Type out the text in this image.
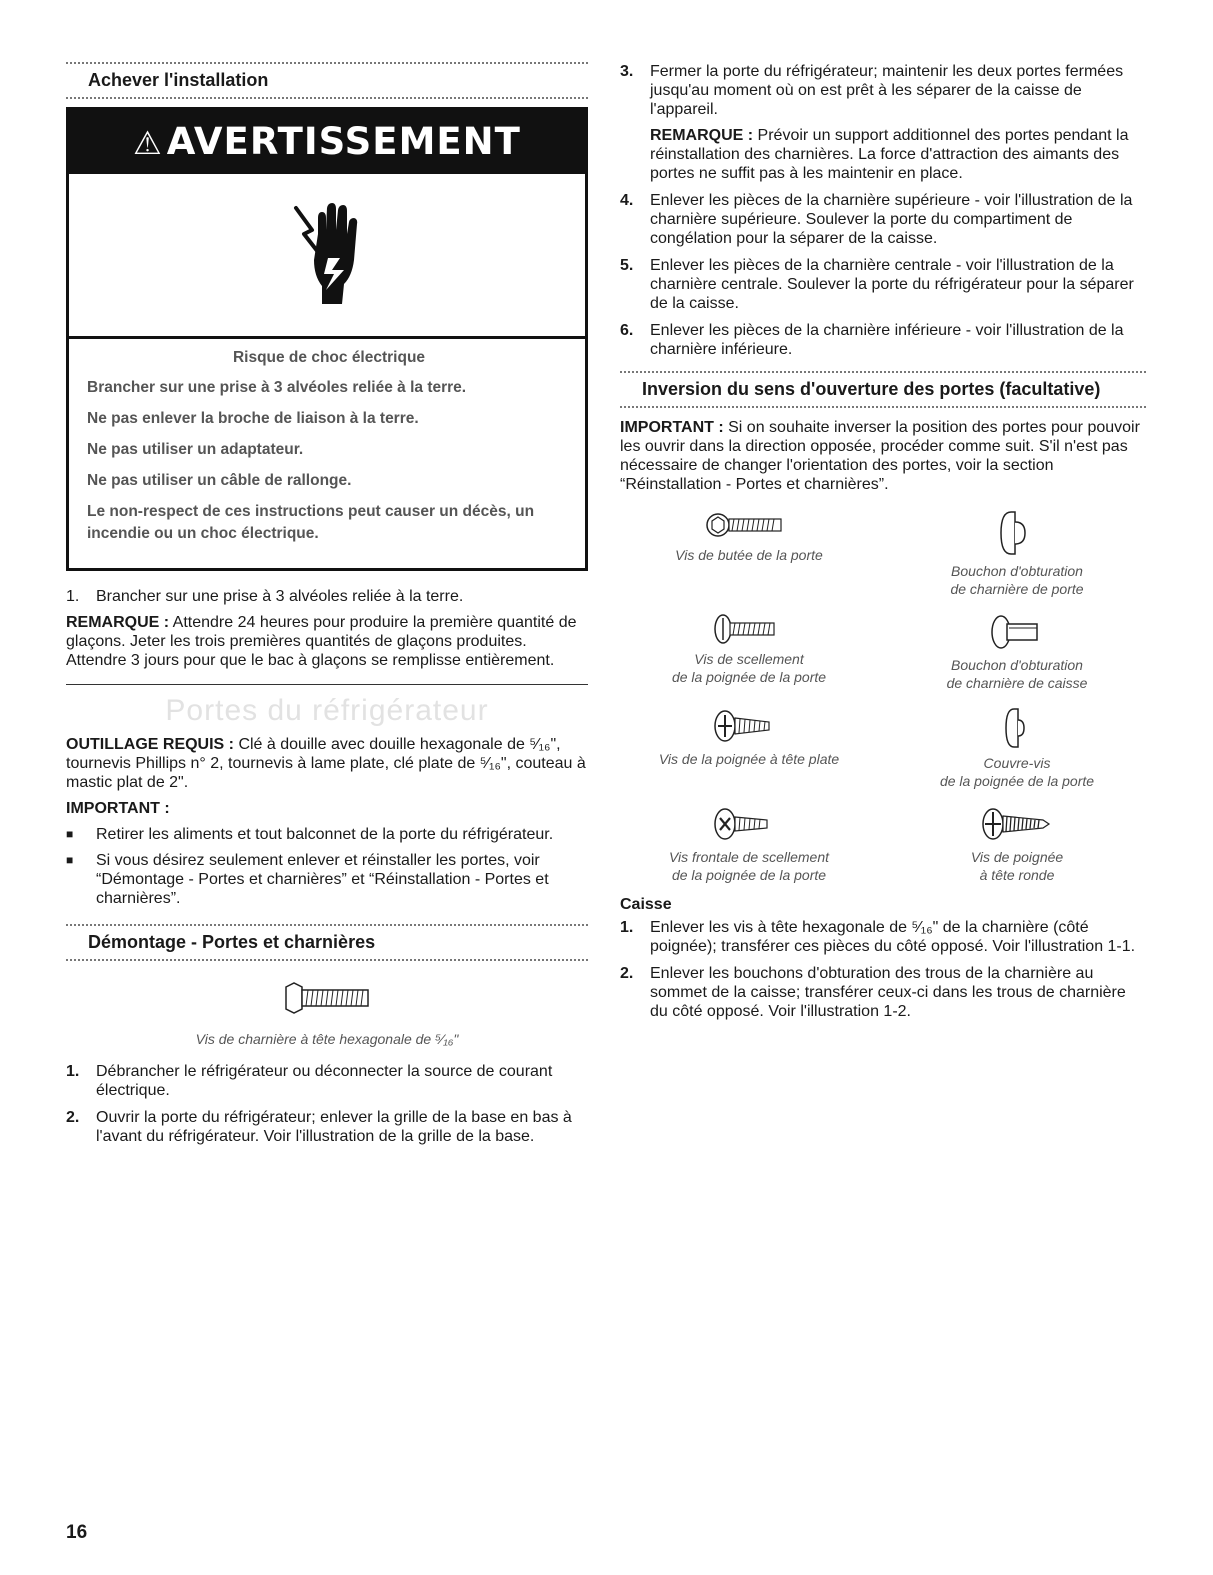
Achever l'installation
⚠ AVERTISSEMENT
Risque de choc électrique
Brancher sur une prise à 3 alvéoles reliée à la terre.
Ne pas enlever la broche de liaison à la terre.
Ne pas utiliser un adaptateur.
Ne pas utiliser un câble de rallonge.
Le non-respect de ces instructions peut causer un décès, un incendie ou un choc électrique.
1.	Brancher sur une prise à 3 alvéoles reliée à la terre.
REMARQUE : Attendre 24 heures pour produire la première quantité de glaçons. Jeter les trois premières quantités de glaçons produites. Attendre 3 jours pour que le bac à glaçons se remplisse entièrement.
Portes du réfrigérateur
OUTILLAGE REQUIS : Clé à douille avec douille hexagonale de ⁵⁄₁₆", tournevis Phillips n° 2, tournevis à lame plate, clé plate de ⁵⁄₁₆", couteau à mastic plat de 2".
IMPORTANT :
■	Retirer les aliments et tout balconnet de la porte du réfrigérateur.
■	Si vous désirez seulement enlever et réinstaller les portes, voir “Démontage - Portes et charnières” et “Réinstallation - Portes et charnières”.
Démontage - Portes et charnières
Vis de charnière à tête hexagonale de ⁵⁄₁₆"
1.	Débrancher le réfrigérateur ou déconnecter la source de courant électrique.
2.	Ouvrir la porte du réfrigérateur; enlever la grille de la base en bas à l'avant du réfrigérateur. Voir l'illustration de la grille de la base.
3.	Fermer la porte du réfrigérateur; maintenir les deux portes fermées jusqu'au moment où on est prêt à les séparer de la caisse de l'appareil.
REMARQUE : Prévoir un support additionnel des portes pendant la réinstallation des charnières. La force d'attraction des aimants des portes ne suffit pas à les maintenir en place.
4.	Enlever les pièces de la charnière supérieure - voir l'illustration de la charnière supérieure. Soulever la porte du compartiment de congélation pour la séparer de la caisse.
5.	Enlever les pièces de la charnière centrale - voir l'illustration de la charnière centrale. Soulever la porte du réfrigérateur pour la séparer de la caisse.
6.	Enlever les pièces de la charnière inférieure - voir l'illustration de la charnière inférieure.
Inversion du sens d'ouverture des portes (facultative)
IMPORTANT : Si on souhaite inverser la position des portes pour pouvoir les ouvrir dans la direction opposée, procéder comme suit. S'il n'est pas nécessaire de changer l'orientation des portes, voir la section “Réinstallation - Portes et charnières”.
Vis de butée de la porte
Bouchon d'obturation
de charnière de porte
Vis de scellement
de la poignée de la porte
Bouchon d'obturation
de charnière de caisse
Vis de la poignée à tête plate	Couvre-vis
de la poignée de la porte
Vis frontale de scellement
de la poignée de la porte
Vis de poignée
à tête ronde
Caisse
1.	Enlever les vis à tête hexagonale de ⁵⁄₁₆" de la charnière (côté poignée); transférer ces pièces du côté opposé. Voir l'illustration 1-1.
2.	Enlever les bouchons d'obturation des trous de la charnière au sommet de la caisse; transférer ceux-ci dans les trous de charnière du côté opposé. Voir l'illustration 1-2.
16
